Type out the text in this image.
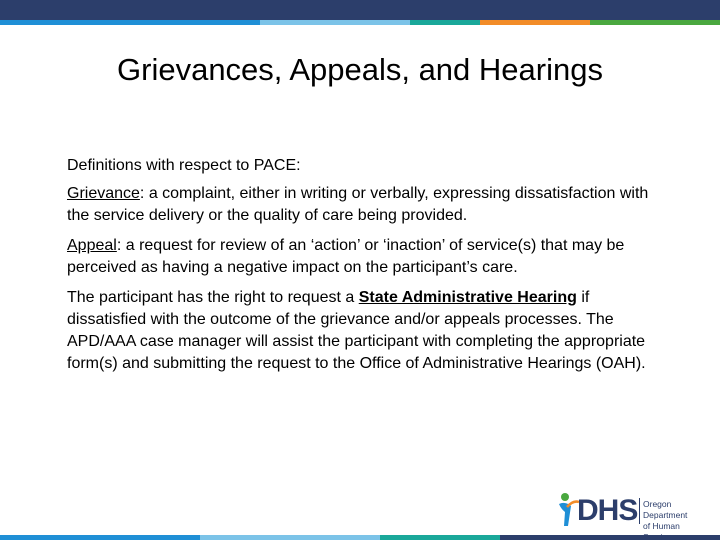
Grievances, Appeals, and Hearings

Definitions with respect to PACE:

Grievance: a complaint, either in writing or verbally, expressing dissatisfaction with the service delivery or the quality of care being provided.

Appeal: a request for review of an ‘action’ or ‘inaction’ of service(s) that may be perceived as having a negative impact on the participant’s care.

The participant has the right to request a State Administrative Hearing if dissatisfied with the outcome of the grievance and/or appeals processes. The APD/AAA case manager will assist the participant with completing the appropriate form(s) and submitting the request to the Office of Administrative Hearings (OAH).

DHS Oregon Department
of Human
